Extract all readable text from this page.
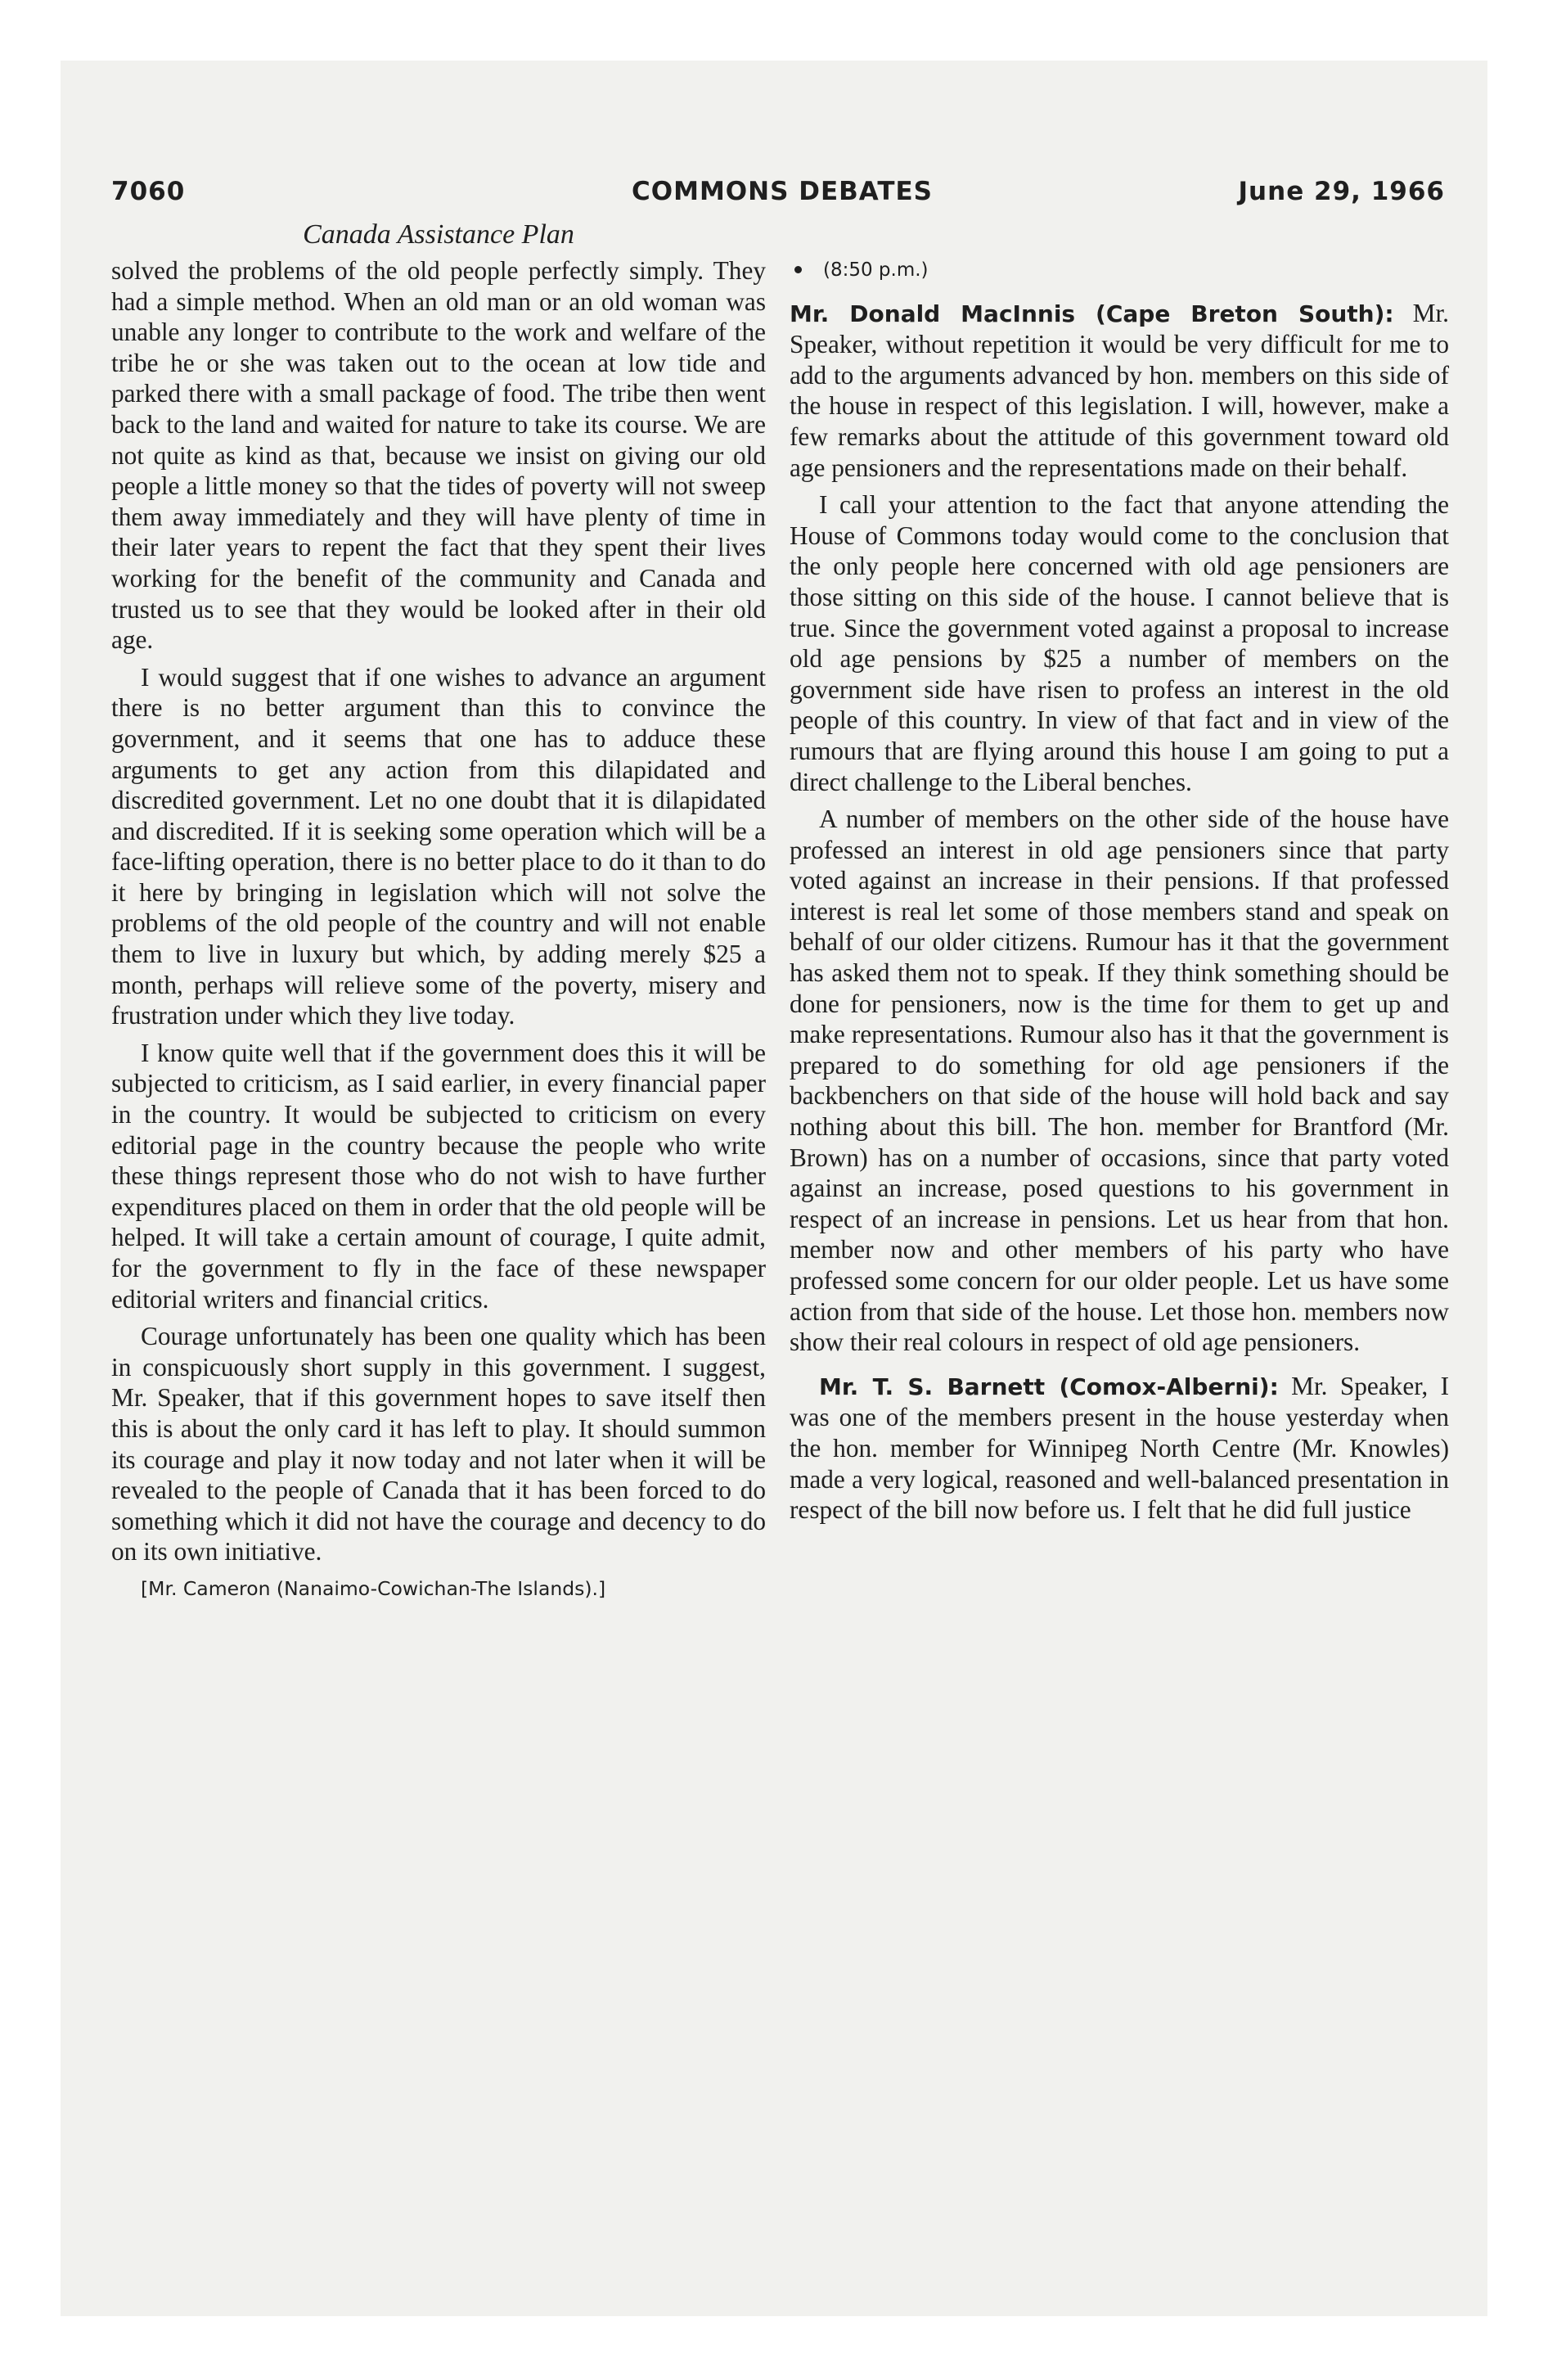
7060	COMMONS DEBATES	June 29, 1966
Canada Assistance Plan

solved the problems of the old people perfectly simply. They had a simple method. When an old man or an old woman was unable any longer to contribute to the work and welfare of the tribe he or she was taken out to the ocean at low tide and parked there with a small package of food. The tribe then went back to the land and waited for nature to take its course. We are not quite as kind as that, because we insist on giving our old people a little money so that the tides of poverty will not sweep them away immediately and they will have plenty of time in their later years to repent the fact that they spent their lives working for the benefit of the community and Canada and trusted us to see that they would be looked after in their old age.

I would suggest that if one wishes to advance an argument there is no better argument than this to convince the government, and it seems that one has to adduce these arguments to get any action from this dilapidated and discredited government. Let no one doubt that it is dilapidated and discredited. If it is seeking some operation which will be a face-lifting operation, there is no better place to do it than to do it here by bringing in legislation which will not solve the problems of the old people of the country and will not enable them to live in luxury but which, by adding merely $25 a month, perhaps will relieve some of the poverty, misery and frustration under which they live today.

I know quite well that if the government does this it will be subjected to criticism, as I said earlier, in every financial paper in the country. It would be subjected to criticism on every editorial page in the country because the people who write these things represent those who do not wish to have further expenditures placed on them in order that the old people will be helped. It will take a certain amount of courage, I quite admit, for the government to fly in the face of these newspaper editorial writers and financial critics.

Courage unfortunately has been one quality which has been in conspicuously short supply in this government. I suggest, Mr. Speaker, that if this government hopes to save itself then this is about the only card it has left to play. It should summon its courage and play it now today and not later when it will be revealed to the people of Canada that it has been forced to do something which it did not have the courage and decency to do on its own initiative.

[Mr. Cameron (Nanaimo-Cowichan-The Islands).]
(8:50 p.m.)

Mr. Donald MacInnis (Cape Breton South): Mr. Speaker, without repetition it would be very difficult for me to add to the arguments advanced by hon. members on this side of the house in respect of this legislation. I will, however, make a few remarks about the attitude of this government toward old age pensioners and the representations made on their behalf.

I call your attention to the fact that anyone attending the House of Commons today would come to the conclusion that the only people here concerned with old age pensioners are those sitting on this side of the house. I cannot believe that is true. Since the government voted against a proposal to increase old age pensions by $25 a number of members on the government side have risen to profess an interest in the old people of this country. In view of that fact and in view of the rumours that are flying around this house I am going to put a direct challenge to the Liberal benches.

A number of members on the other side of the house have professed an interest in old age pensioners since that party voted against an increase in their pensions. If that professed interest is real let some of those members stand and speak on behalf of our older citizens. Rumour has it that the government has asked them not to speak. If they think something should be done for pensioners, now is the time for them to get up and make representations. Rumour also has it that the government is prepared to do something for old age pensioners if the backbenchers on that side of the house will hold back and say nothing about this bill. The hon. member for Brantford (Mr. Brown) has on a number of occasions, since that party voted against an increase, posed questions to his government in respect of an increase in pensions. Let us hear from that hon. member now and other members of his party who have professed some concern for our older people. Let us have some action from that side of the house. Let those hon. members now show their real colours in respect of old age pensioners.

Mr. T. S. Barnett (Comox-Alberni): Mr. Speaker, I was one of the members present in the house yesterday when the hon. member for Winnipeg North Centre (Mr. Knowles) made a very logical, reasoned and well-balanced presentation in respect of the bill now before us. I felt that he did full justice
